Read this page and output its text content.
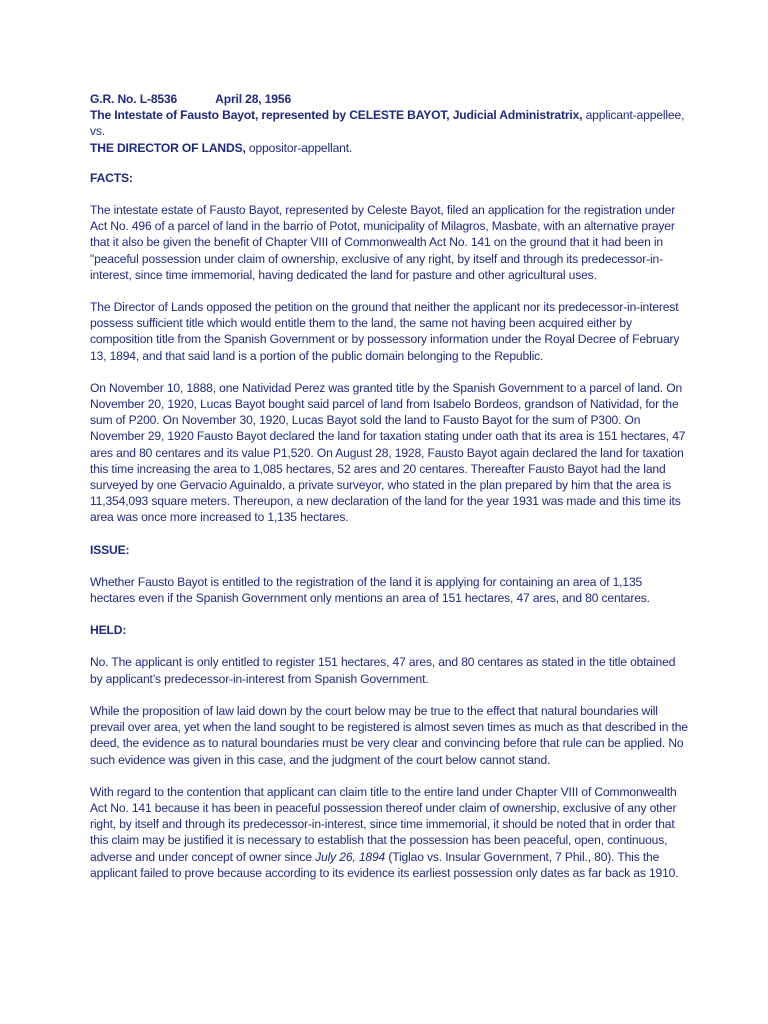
G.R. No. L-8536	April 28, 1956

The Intestate of Fausto Bayot, represented by CELESTE BAYOT, Judicial Administratrix, applicant-appellee,

vs.

THE DIRECTOR OF LANDS, oppositor-appellant.

FACTS:

The intestate estate of Fausto Bayot, represented by Celeste Bayot, filed an application for the registration under Act No. 496 of a parcel of land in the barrio of Potot, municipality of Milagros, Masbate, with an alternative prayer that it also be given the benefit of Chapter VIII of Commonwealth Act No. 141 on the ground that it had been in "peaceful possession under claim of ownership, exclusive of any right, by itself and through its predecessor-in-interest, since time immemorial, having dedicated the land for pasture and other agricultural uses.

The Director of Lands opposed the petition on the ground that neither the applicant nor its predecessor-in-interest possess sufficient title which would entitle them to the land, the same not having been acquired either by composition title from the Spanish Government or by possessory information under the Royal Decree of February 13, 1894, and that said land is a portion of the public domain belonging to the Republic.

On November 10, 1888, one Natividad Perez was granted title by the Spanish Government to a parcel of land. On November 20, 1920, Lucas Bayot bought said parcel of land from Isabelo Bordeos, grandson of Natividad, for the sum of P200. On November 30, 1920, Lucas Bayot sold the land to Fausto Bayot for the sum of P300. On November 29, 1920 Fausto Bayot declared the land for taxation stating under oath that its area is 151 hectares, 47 ares and 80 centares and its value P1,520. On August 28, 1928, Fausto Bayot again declared the land for taxation this time increasing the area to 1,085 hectares, 52 ares and 20 centares. Thereafter Fausto Bayot had the land surveyed by one Gervacio Aguinaldo, a private surveyor, who stated in the plan prepared by him that the area is 11,354,093 square meters. Thereupon, a new declaration of the land for the year 1931 was made and this time its area was once more increased to 1,135 hectares.

ISSUE:

Whether Fausto Bayot is entitled to the registration of the land it is applying for containing an area of 1,135 hectares even if the Spanish Government only mentions an area of 151 hectares, 47 ares, and 80 centares.

HELD:

No. The applicant is only entitled to register 151 hectares, 47 ares, and 80 centares as stated in the title obtained by applicant’s predecessor-in-interest from Spanish Government.

While the proposition of law laid down by the court below may be true to the effect that natural boundaries will prevail over area, yet when the land sought to be registered is almost seven times as much as that described in the deed, the evidence as to natural boundaries must be very clear and convincing before that rule can be applied. No such evidence was given in this case, and the judgment of the court below cannot stand.

With regard to the contention that applicant can claim title to the entire land under Chapter VIII of Commonwealth Act No. 141 because it has been in peaceful possession thereof under claim of ownership, exclusive of any other right, by itself and through its predecessor-in-interest, since time immemorial, it should be noted that in order that this claim may be justified it is necessary to establish that the possession has been peaceful, open, continuous, adverse and under concept of owner since July 26, 1894 (Tiglao vs. Insular Government, 7 Phil., 80). This the applicant failed to prove because according to its evidence its earliest possession only dates as far back as 1910.
